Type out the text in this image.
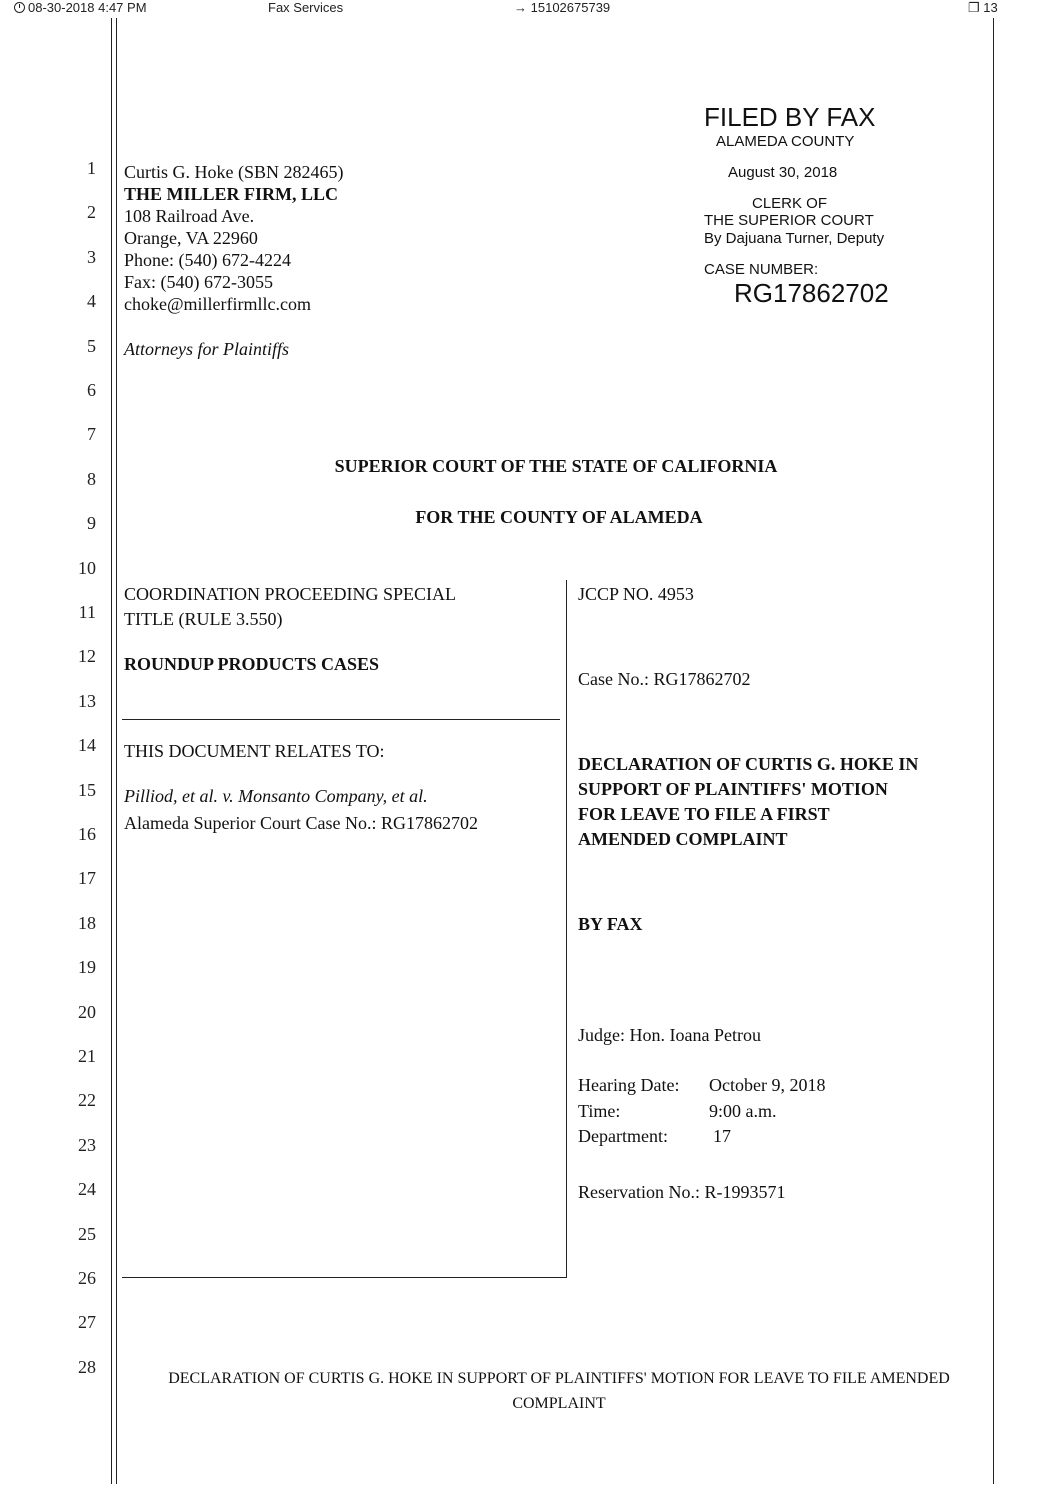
08-30-2018 4:47 PM	Fax Services	→ 15102675739	❐ 13
1
2
3
4
5
6
7
8
9
10
11
12
13
14
15
16
17
18
19
20
21
22
23
24
25
26
27
28
FILED BY FAX
ALAMEDA COUNTY
August 30, 2018
CLERK OF
THE SUPERIOR COURT
By Dajuana Turner, Deputy
CASE NUMBER:
RG17862702
Curtis G. Hoke (SBN 282465)
THE MILLER FIRM, LLC
108 Railroad Ave.
Orange, VA 22960
Phone: (540) 672-4224
Fax: (540) 672-3055
choke@millerfirmllc.com
Attorneys for Plaintiffs
SUPERIOR COURT OF THE STATE OF CALIFORNIA
FOR THE COUNTY OF ALAMEDA
COORDINATION PROCEEDING SPECIAL
TITLE (RULE 3.550)
ROUNDUP PRODUCTS CASES
THIS DOCUMENT RELATES TO:
Pilliod, et al. v. Monsanto Company, et al.
Alameda Superior Court Case No.: RG17862702
JCCP NO. 4953
Case No.: RG17862702
DECLARATION OF CURTIS G. HOKE IN
SUPPORT OF PLAINTIFFS' MOTION
FOR LEAVE TO FILE A FIRST
AMENDED COMPLAINT
BY FAX
Judge: Hon. Ioana Petrou
Hearing Date: October 9, 2018
Time:	9:00 a.m.
Department:	17
Reservation No.: R-1993571
DECLARATION OF CURTIS G. HOKE IN SUPPORT OF PLAINTIFFS' MOTION FOR LEAVE TO FILE AMENDED
COMPLAINT
